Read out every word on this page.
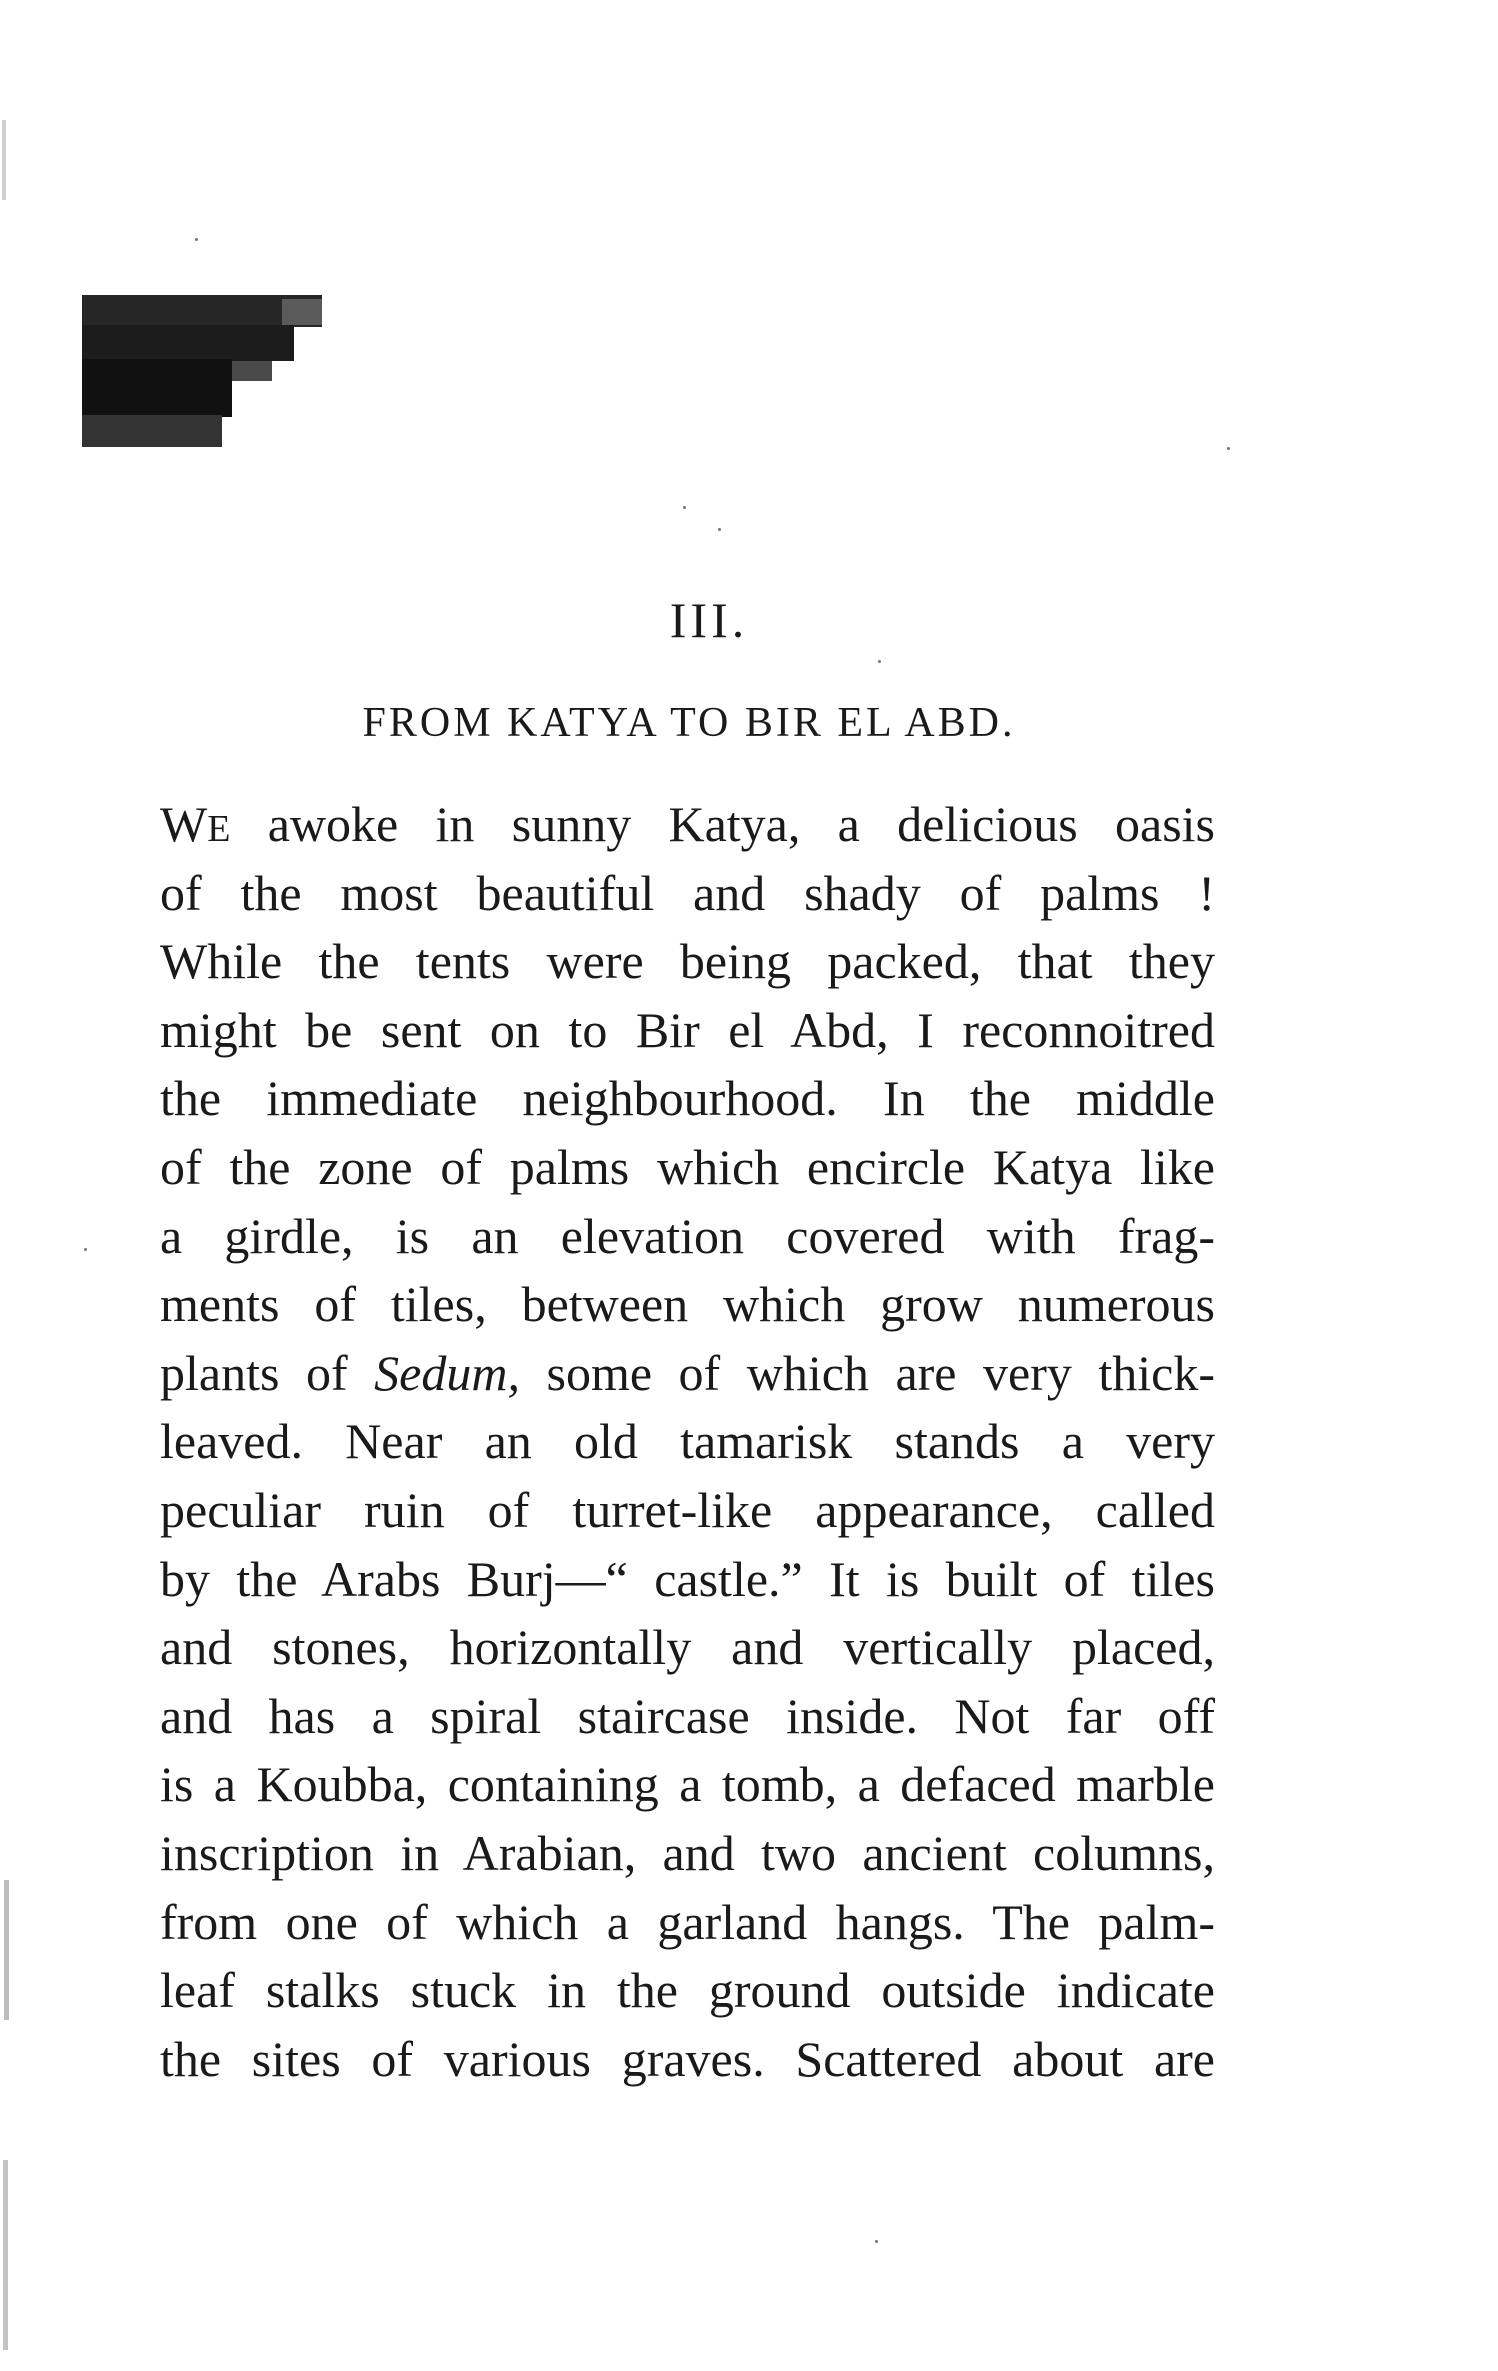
III.
FROM KATYA TO BIR EL ABD.
WE awoke in sunny Katya, a delicious oasis
of the most beautiful and shady of palms !
While the tents were being packed, that they
might be sent on to Bir el Abd, I reconnoitred
the immediate neighbourhood. In the middle
of the zone of palms which encircle Katya like
a girdle, is an elevation covered with frag-
ments of tiles, between which grow numerous
plants of Sedum, some of which are very thick-
leaved. Near an old tamarisk stands a very
peculiar ruin of turret-like appearance, called
by the Arabs Burj—“ castle.” It is built of tiles
and stones, horizontally and vertically placed,
and has a spiral staircase inside. Not far off
is a Koubba, containing a tomb, a defaced marble
inscription in Arabian, and two ancient columns,
from one of which a garland hangs. The palm-
leaf stalks stuck in the ground outside indicate
the sites of various graves. Scattered about are
